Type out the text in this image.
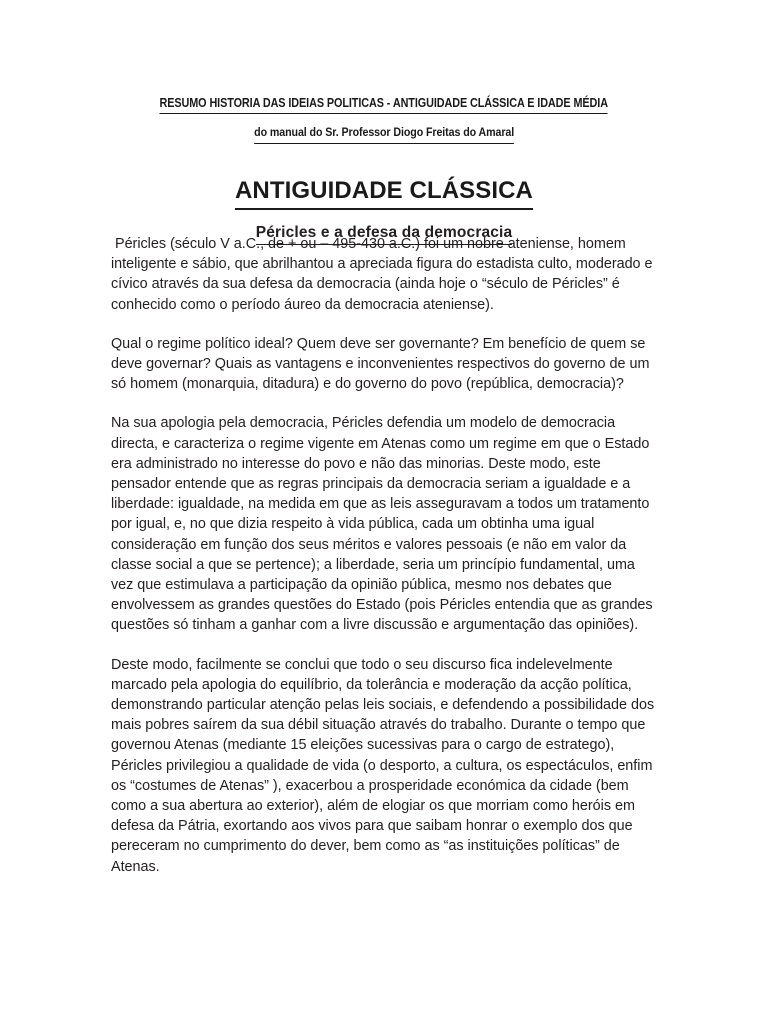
RESUMO HISTORIA DAS IDEIAS POLITICAS - ANTIGUIDADE CLÁSSICA E IDADE MÉDIA
do manual do Sr. Professor Diogo Freitas do Amaral
ANTIGUIDADE CLÁSSICA
Péricles e a defesa da democracia

Péricles (século V a.C., de + ou – 495-430 a.C.) foi um nobre ateniense, homem inteligente e sábio, que abrilhantou a apreciada figura do estadista culto, moderado e cívico através da sua defesa da democracia (ainda hoje o “século de Péricles” é conhecido como o período áureo da democracia ateniense).

Qual o regime político ideal? Quem deve ser governante? Em benefício de quem se deve governar? Quais as vantagens e inconvenientes respectivos do governo de um só homem (monarquia, ditadura) e do governo do povo (república, democracia)?

Na sua apologia pela democracia, Péricles defendia um modelo de democracia directa, e caracteriza o regime vigente em Atenas como um regime em que o Estado era administrado no interesse do povo e não das minorias. Deste modo, este pensador entende que as regras principais da democracia seriam a igualdade e a liberdade: igualdade, na medida em que as leis asseguravam a todos um tratamento por igual, e, no que dizia respeito à vida pública, cada um obtinha uma igual consideração em função dos seus méritos e valores pessoais (e não em valor da classe social a que se pertence); a liberdade, seria um princípio fundamental, uma vez que estimulava a participação da opinião pública, mesmo nos debates que envolvessem as grandes questões do Estado (pois Péricles entendia que as grandes questões só tinham a ganhar com a livre discussão e argumentação das opiniões).

Deste modo, facilmente se conclui que todo o seu discurso fica indelevelmente marcado pela apologia do equilíbrio, da tolerância e moderação da acção política, demonstrando particular atenção pelas leis sociais, e defendendo a possibilidade dos mais pobres saírem da sua débil situação através do trabalho. Durante o tempo que governou Atenas (mediante 15 eleições sucessivas para o cargo de estratego), Péricles privilegiou a qualidade de vida (o desporto, a cultura, os espectáculos, enfim os “costumes de Atenas” ), exacerbou a prosperidade económica da cidade (bem como a sua abertura ao exterior), além de elogiar os que morriam como heróis em defesa da Pátria, exortando aos vivos para que saibam honrar o exemplo dos que pereceram no cumprimento do dever, bem como as “as instituições políticas” de Atenas.
